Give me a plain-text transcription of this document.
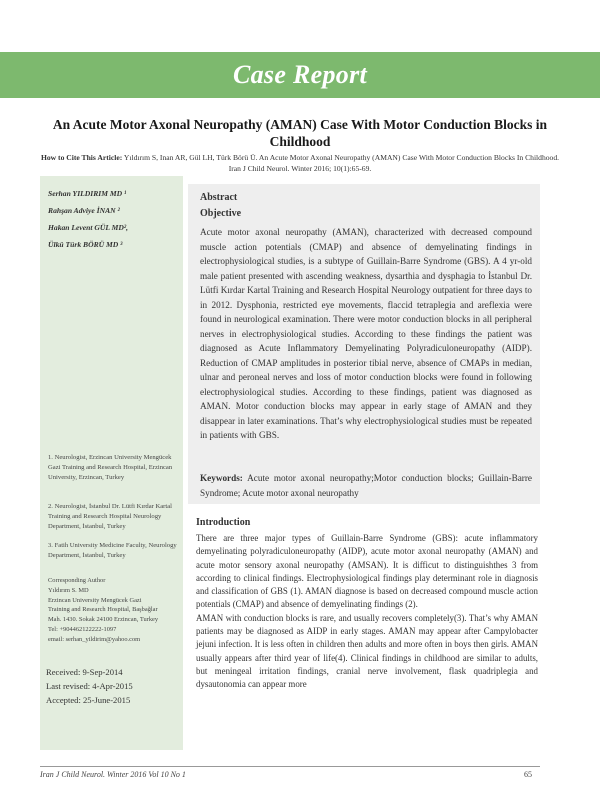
Case Report
An Acute Motor Axonal Neuropathy (AMAN) Case With Motor Conduction Blocks in Childhood
How to Cite This Article: Yıldırım S, Inan AR, Gül LH, Türk Börü Ü. An Acute Motor Axonal Neuropathy (AMAN) Case With Motor Conduction Blocks In Childhood. Iran J Child Neurol. Winter 2016; 10(1):65-69.
Serhan YILDIRIM MD ¹
Rahşan Adviye İNAN ²
Hakan Levent GÜL MD²,
Ülkü Türk BÖRÜ MD ³
1. Neurologist, Erzincan University Mengücek Gazi Training and Research Hospital, Erzincan University, Erzincan, Turkey
2. Neurologist, İstanbul Dr. Lütfi Kırdar Kartal Training and Research Hospital Neurology Department, İstanbul, Turkey
3. Fatih University Medicine Faculty, Neurology Department, İstanbul, Turkey
Corresponding Author
Yıldırım S. MD
Erzincan University Mengücek Gazi
Training and Research Hospital, Başbağlar
Mah. 1430. Sokak 24100 Erzincan, Turkey
Tel: +904462122222-1097
email: serhan_yildirim@yahoo.com
Received: 9-Sep-2014
Last revised: 4-Apr-2015
Accepted: 25-June-2015
Abstract
Objective
Acute motor axonal neuropathy (AMAN), characterized with decreased compound muscle action potentials (CMAP) and absence of demyelinating findings in electrophysiological studies, is a subtype of Guillain-Barre Syndrome (GBS). A 4 yr-old male patient presented with ascending weakness, dysarthia and dysphagia to İstanbul Dr. Lütfi Kırdar Kartal Training and Research Hospital Neurology outpatient for three days to in 2012. Dysphonia, restricted eye movements, flaccid tetraplegia and areflexia were found in neurological examination. There were motor conduction blocks in all peripheral nerves in electrophysiological studies. According to these findings the patient was diagnosed as Acute Inflammatory Demyelinating Polyradiculoneuropathy (AIDP). Reduction of CMAP amplitudes in posterior tibial nerve, absence of CMAPs in median, ulnar and peroneal nerves and loss of motor conduction blocks were found in following electrophysiological studies. According to these findings, patient was diagnosed as AMAN. Motor conduction blocks may appear in early stage of AMAN and they disappear in later examinations. That’s why electrophysiological studies must be repeated in patients with GBS.
Keywords: Acute motor axonal neuropathy;Motor conduction blocks; Guillain-Barre Syndrome; Acute motor axonal neuropathy
Introduction

There are three major types of Guillain-Barre Syndrome (GBS): acute inflammatory demyelinating polyradiculoneuropathy (AIDP), acute motor axonal neuropathy (AMAN) and acute motor sensory axonal neuropathy (AMSAN). It is difficut to distinguishthes 3 from according to clinical findings. Electrophysiological findings play determinant role in diagnosis and classification of GBS (1). AMAN diagnose is based on decreased compound muscle action potentials (CMAP) and absence of demyelinating findings (2).

AMAN with conduction blocks is rare, and usually recovers completely(3). That’s why AMAN patients may be diagnosed as AIDP in early stages. AMAN may appear after Campylobacter jejuni infection. It is less often in children then adults and more often in boys then girls. AMAN usually appears after third year of life(4). Clinical findings in childhood are similar to adults, but meningeal irritation findings, cranial nerve involvement, flask quadriplegia and dysautonomia can appear more

Iran J Child Neurol. Winter 2016 Vol 10 No 1	65
